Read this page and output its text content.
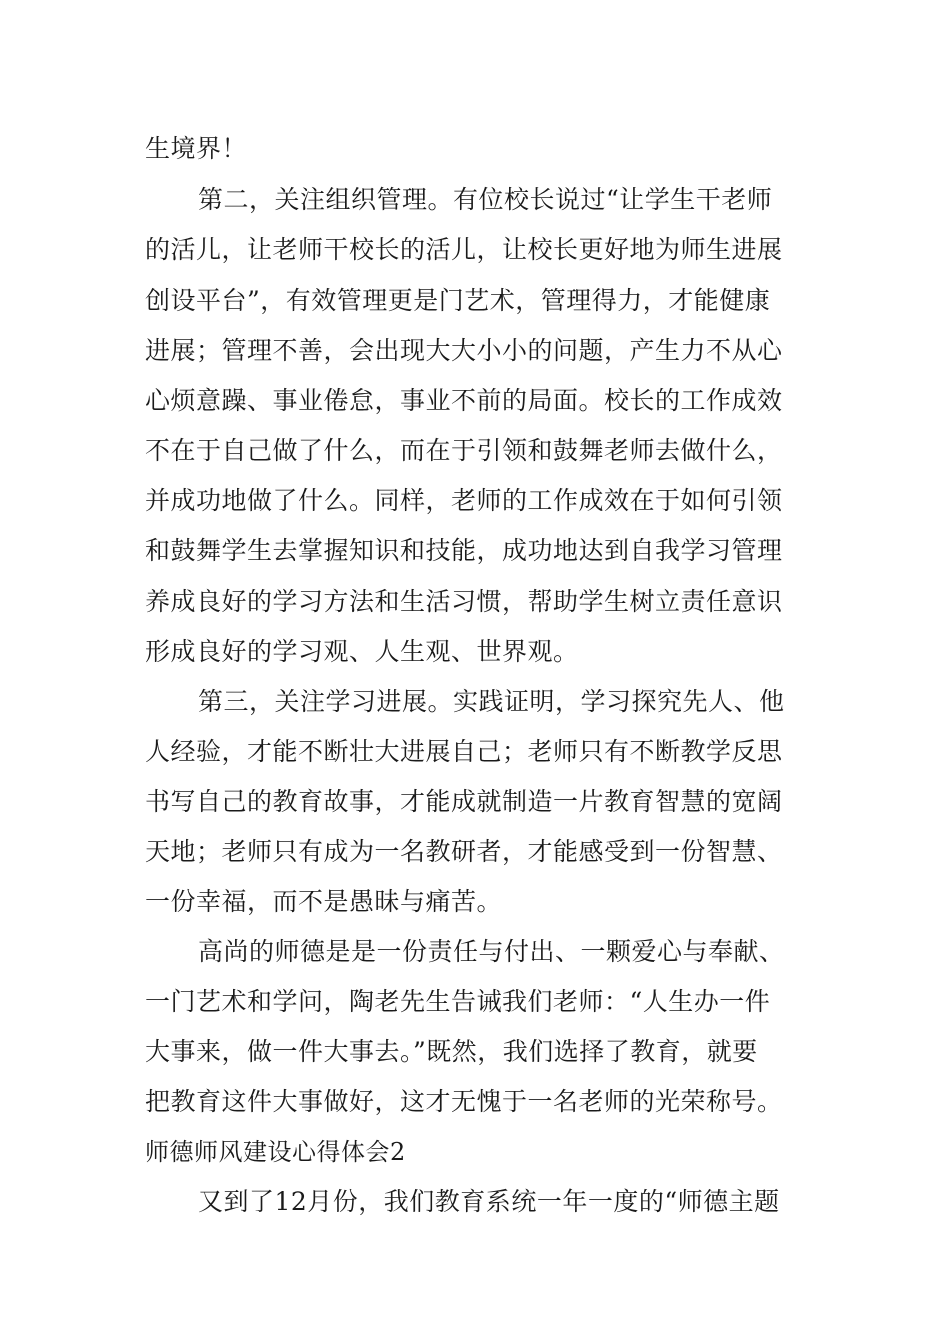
生境界！
第二，关注组织管理。有位校长说过“让学生干老师
的活儿，让老师干校长的活儿，让校长更好地为师生进展
创设平台”，有效管理更是门艺术，管理得力，才能健康
进展；管理不善，会出现大大小小的问题，产生力不从心
心烦意躁、事业倦怠，事业不前的局面。校长的工作成效
不在于自己做了什么，而在于引领和鼓舞老师去做什么，
并成功地做了什么。同样，老师的工作成效在于如何引领
和鼓舞学生去掌握知识和技能，成功地达到自我学习管理
养成良好的学习方法和生活习惯，帮助学生树立责任意识
形成良好的学习观、人生观、世界观。
第三，关注学习进展。实践证明，学习探究先人、他
人经验，才能不断壮大进展自己；老师只有不断教学反思
书写自己的教育故事，才能成就制造一片教育智慧的宽阔
天地；老师只有成为一名教研者，才能感受到一份智慧、
一份幸福，而不是愚昧与痛苦。
高尚的师德是是一份责任与付出、一颗爱心与奉献、
一门艺术和学问，陶老先生告诫我们老师：“人生办一件
大事来，做一件大事去。”既然，我们选择了教育，就要
把教育这件大事做好，这才无愧于一名老师的光荣称号。
师德师风建设心得体会2
又到了12月份，我们教育系统一年一度的“师德主题
